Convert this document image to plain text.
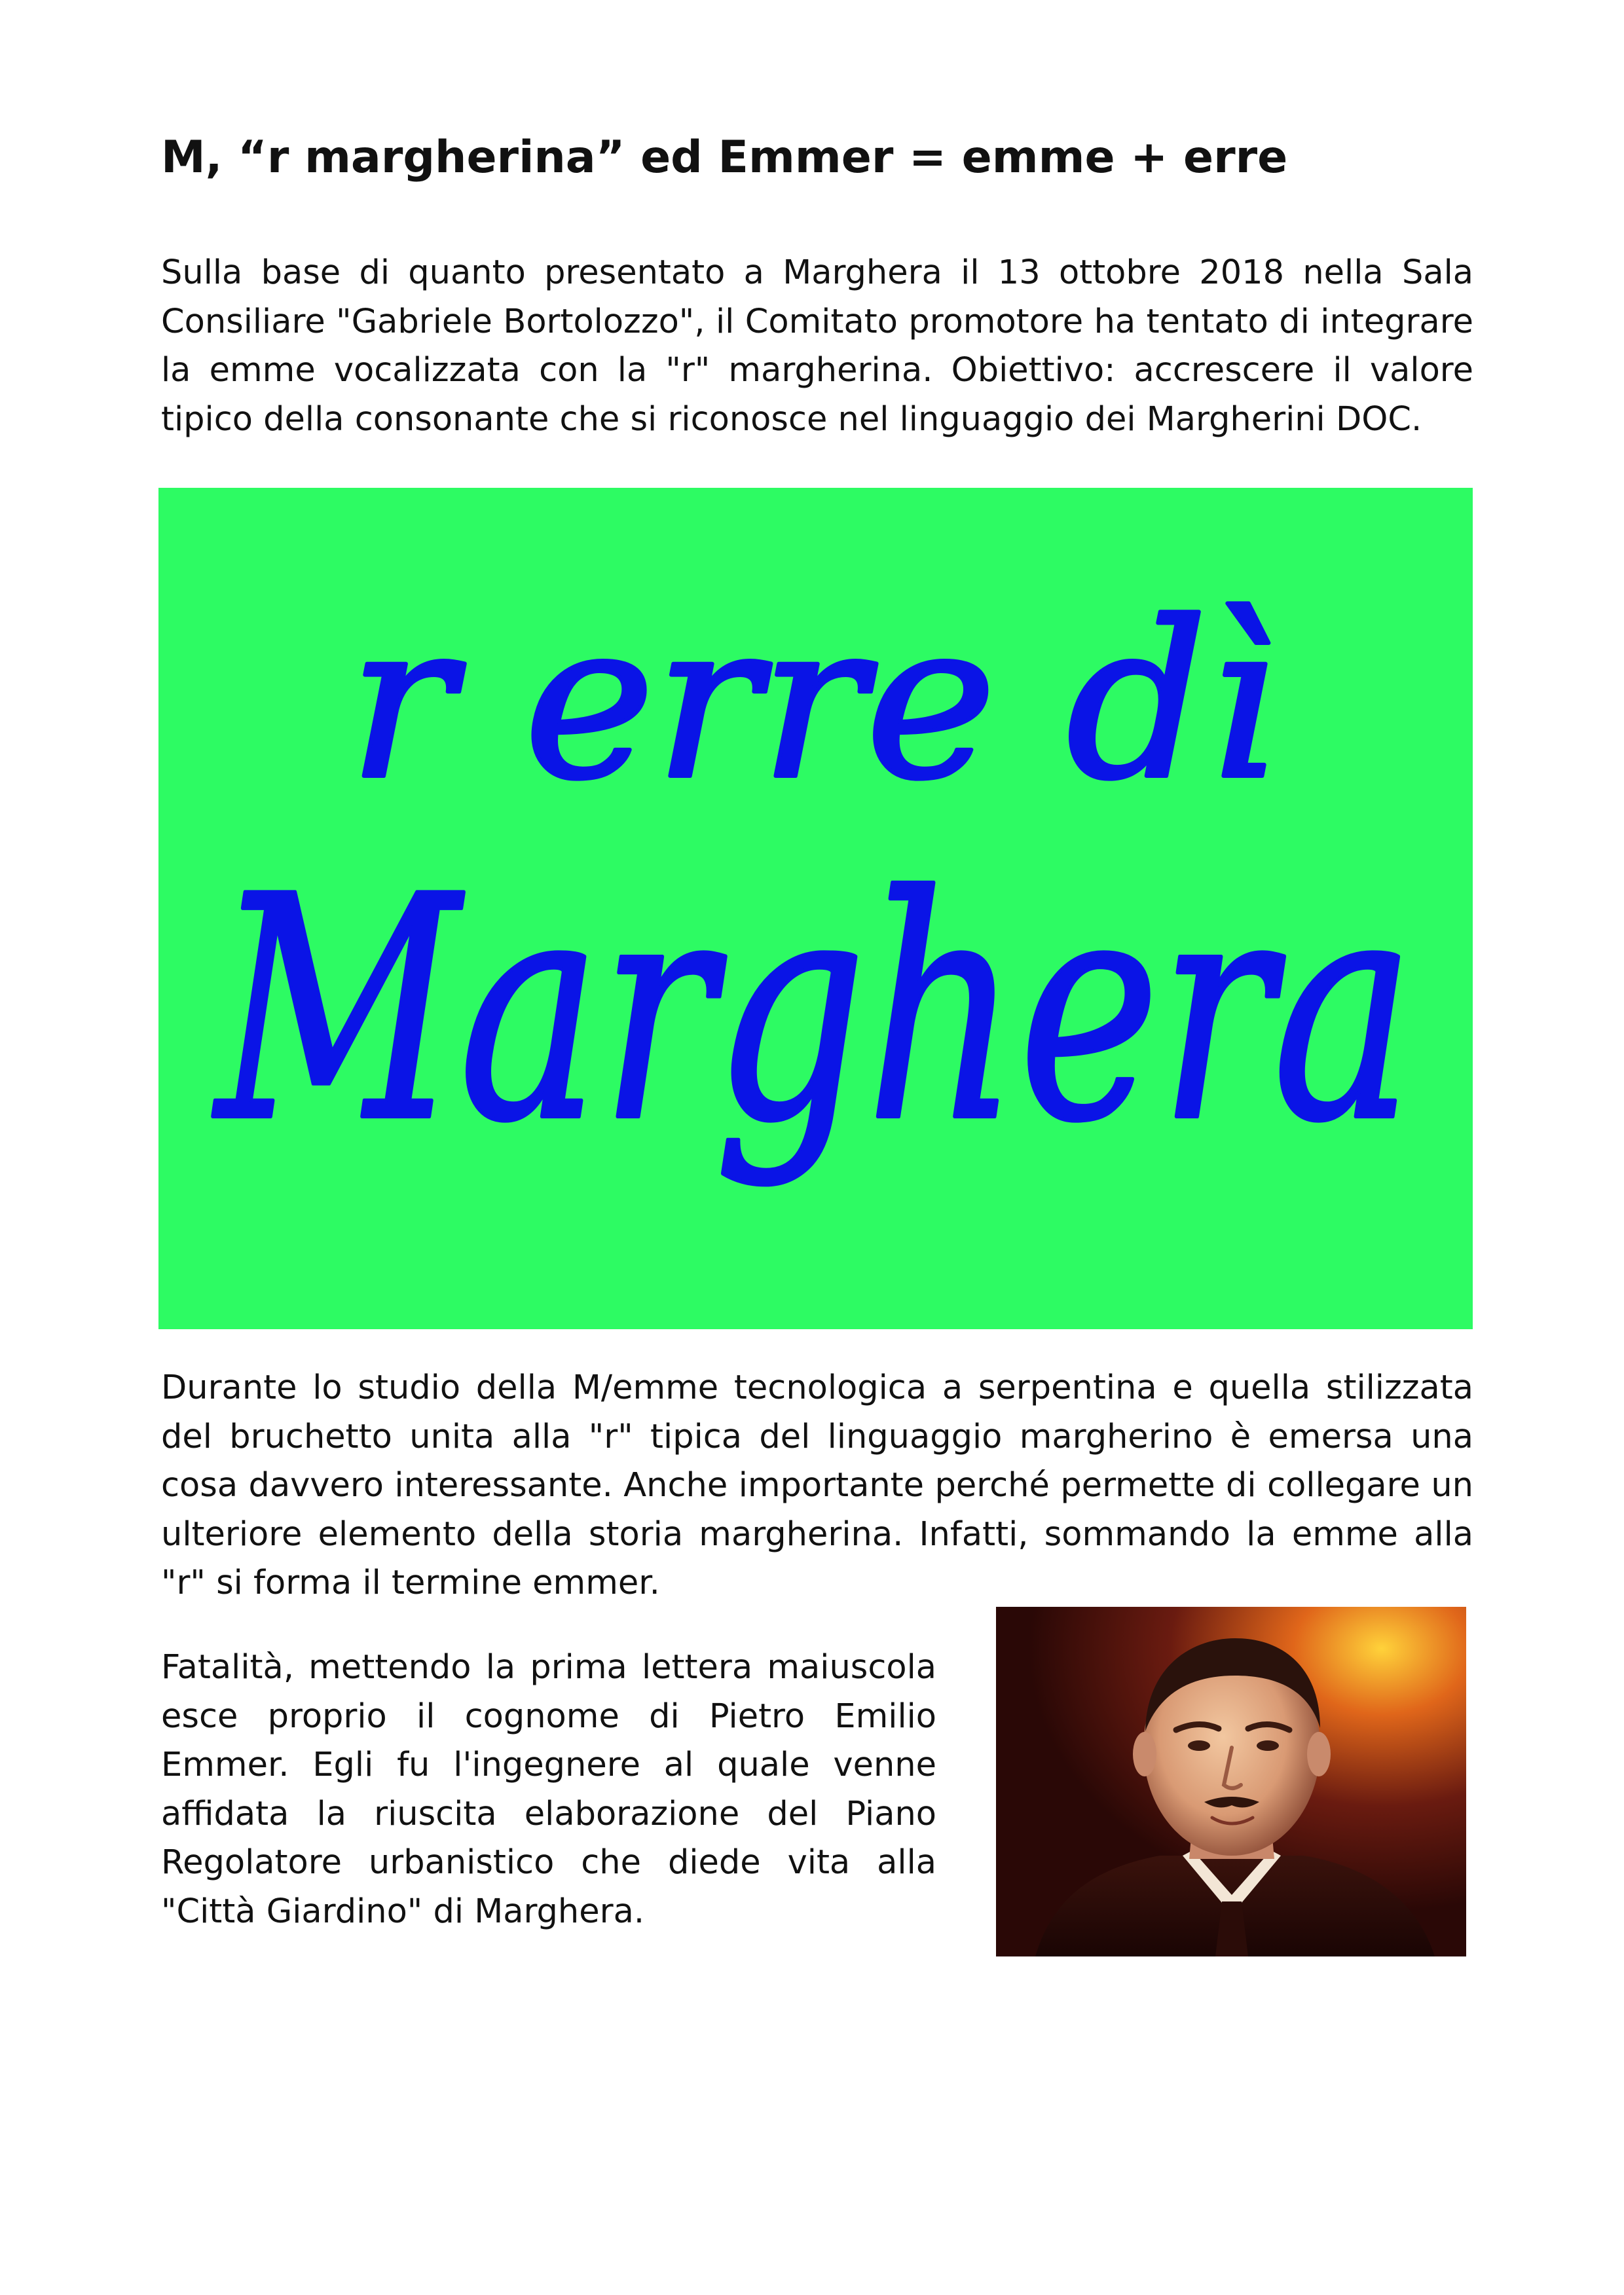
M, “r margherina” ed Emmer = emme + erre

Sulla base di quanto presentato a Marghera il 13 ottobre 2018 nella Sala Consiliare "Gabriele Bortolozzo", il Comitato promotore ha tentato di integrare la emme vocalizzata con la "r" margherina. Obiettivo: accrescere il valore tipico della consonante che si riconosce nel linguaggio dei Margherini DOC.

r erre dì
Marghera

Durante lo studio della M/emme tecnologica a serpentina e quella stilizzata del bruchetto unita alla "r" tipica del linguaggio margherino è emersa una cosa davvero interessante. Anche importante perché permette di collegare un ulteriore elemento della storia margherina. Infatti, sommando la emme alla "r" si forma il termine emmer.

Fatalità, mettendo la prima lettera maiuscola esce proprio il cognome di Pietro Emilio Emmer. Egli fu l'ingegnere al quale venne affidata la riuscita elaborazione del Piano Regolatore urbanistico che diede vita alla "Città Giardino" di Marghera.
